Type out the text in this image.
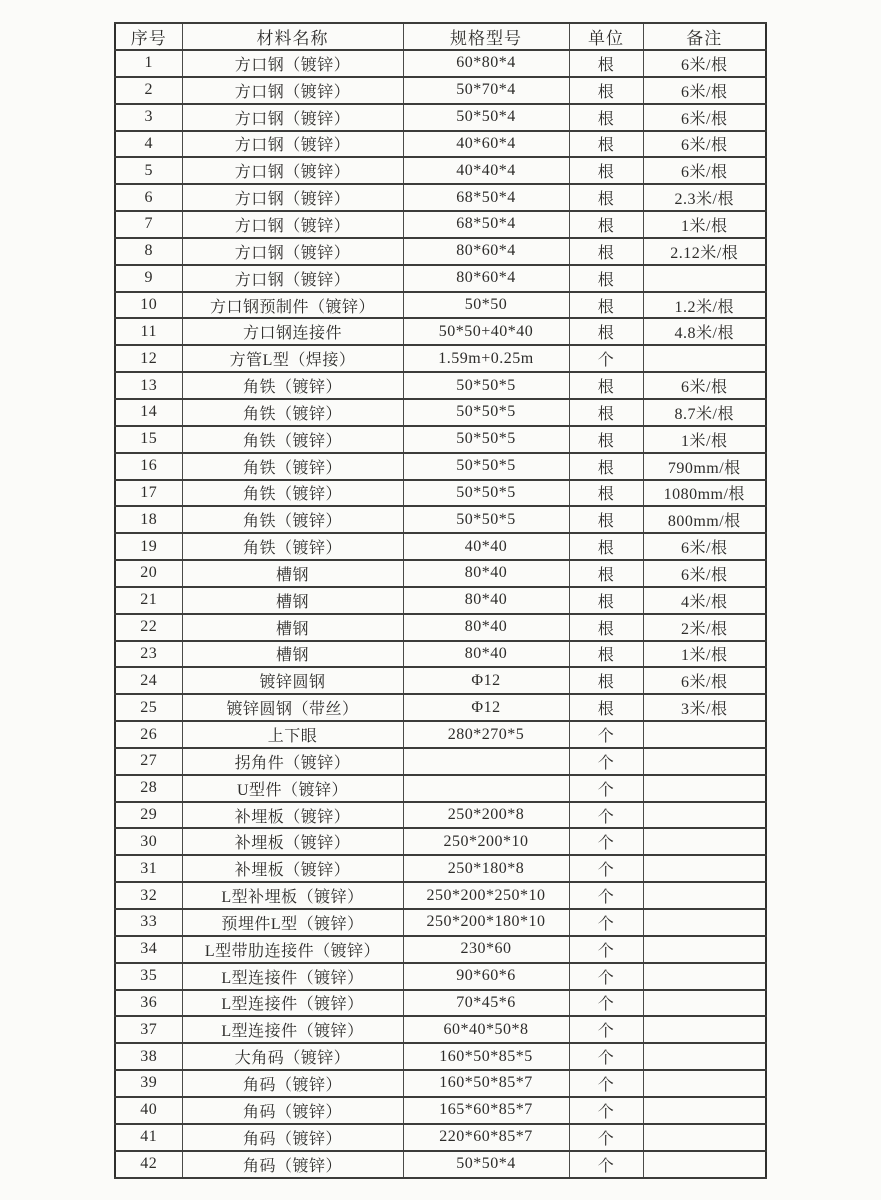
序号	材料名称	规格型号	单位	备注
1	方口钢（镀锌）	60*80*4	根	6米/根
2	方口钢（镀锌）	50*70*4	根	6米/根
3	方口钢（镀锌）	50*50*4	根	6米/根
4	方口钢（镀锌）	40*60*4	根	6米/根
5	方口钢（镀锌）	40*40*4	根	6米/根
6	方口钢（镀锌）	68*50*4	根	2.3米/根
7	方口钢（镀锌）	68*50*4	根	1米/根
8	方口钢（镀锌）	80*60*4	根	2.12米/根
9	方口钢（镀锌）	80*60*4	根	
10	方口钢预制件（镀锌）	50*50	根	1.2米/根
11	方口钢连接件	50*50+40*40	根	4.8米/根
12	方管L型（焊接）	1.59m+0.25m	个	
13	角铁（镀锌）	50*50*5	根	6米/根
14	角铁（镀锌）	50*50*5	根	8.7米/根
15	角铁（镀锌）	50*50*5	根	1米/根
16	角铁（镀锌）	50*50*5	根	790mm/根
17	角铁（镀锌）	50*50*5	根	1080mm/根
18	角铁（镀锌）	50*50*5	根	800mm/根
19	角铁（镀锌）	40*40	根	6米/根
20	槽钢	80*40	根	6米/根
21	槽钢	80*40	根	4米/根
22	槽钢	80*40	根	2米/根
23	槽钢	80*40	根	1米/根
24	镀锌圆钢	Φ12	根	6米/根
25	镀锌圆钢（带丝）	Φ12	根	3米/根
26	上下眼	280*270*5	个	
27	拐角件（镀锌）		个	
28	U型件（镀锌）		个	
29	补埋板（镀锌）	250*200*8	个	
30	补埋板（镀锌）	250*200*10	个	
31	补埋板（镀锌）	250*180*8	个	
32	L型补埋板（镀锌）	250*200*250*10	个	
33	预埋件L型（镀锌）	250*200*180*10	个	
34	L型带肋连接件（镀锌）	230*60	个	
35	L型连接件（镀锌）	90*60*6	个	
36	L型连接件（镀锌）	70*45*6	个	
37	L型连接件（镀锌）	60*40*50*8	个	
38	大角码（镀锌）	160*50*85*5	个	
39	角码（镀锌）	160*50*85*7	个	
40	角码（镀锌）	165*60*85*7	个	
41	角码（镀锌）	220*60*85*7	个	
42	角码（镀锌）	50*50*4	个	
